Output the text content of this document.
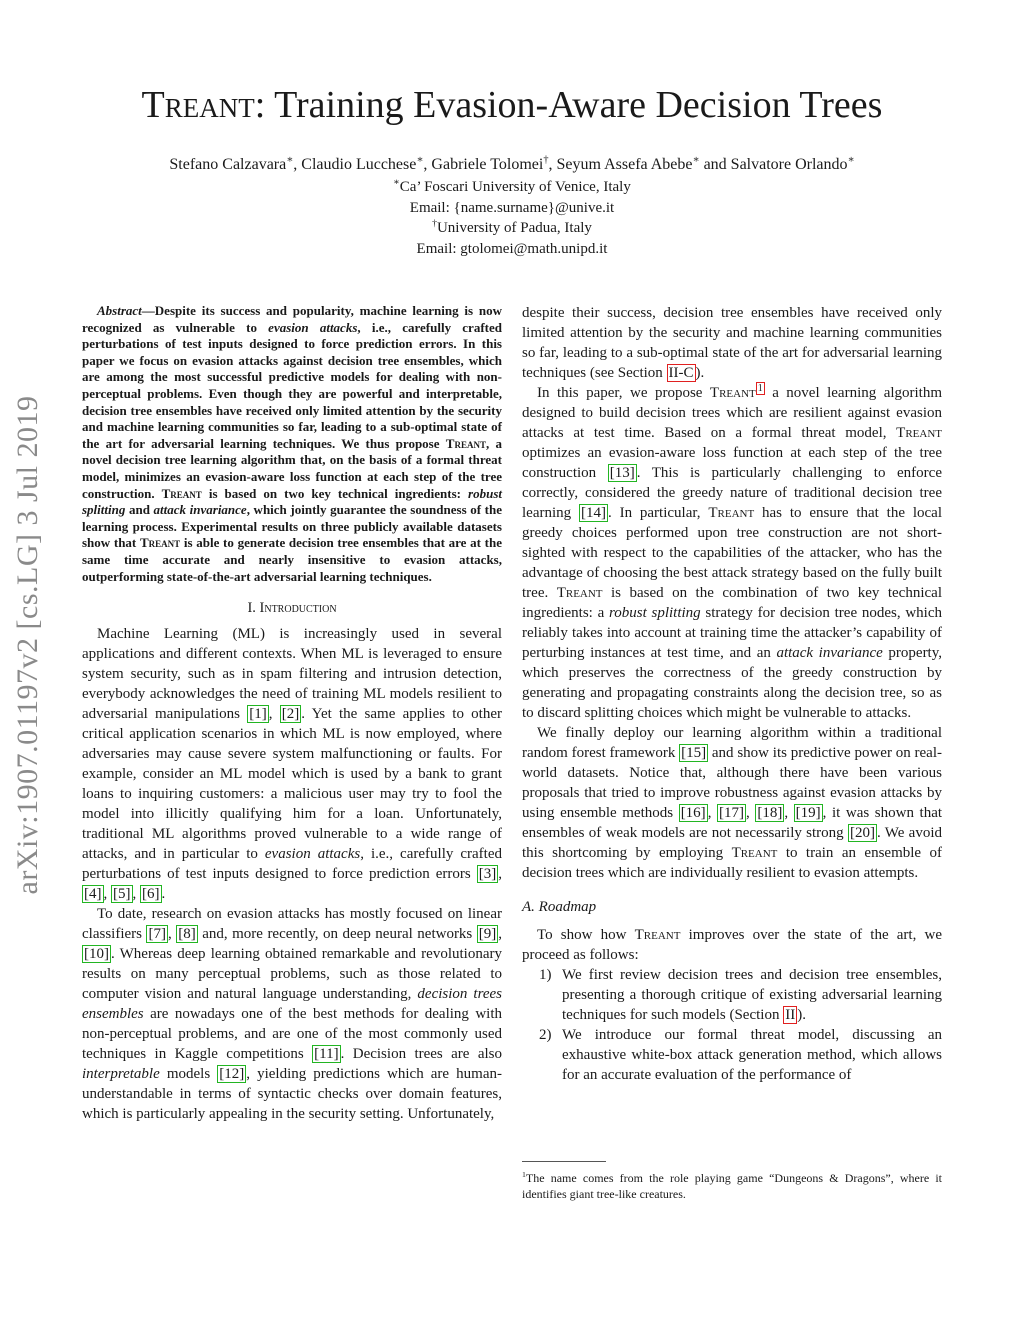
arXiv:1907.01197v2 [cs.LG] 3 Jul 2019
Treant: Training Evasion-Aware Decision Trees
Stefano Calzavara∗, Claudio Lucchese∗, Gabriele Tolomei†, Seyum Assefa Abebe∗ and Salvatore Orlando∗
∗Ca’ Foscari University of Venice, Italy
Email: {name.surname}@unive.it
†University of Padua, Italy
Email: gtolomei@math.unipd.it

Abstract—Despite its success and popularity, machine learning is now recognized as vulnerable to evasion attacks, i.e., carefully crafted perturbations of test inputs designed to force prediction errors. In this paper we focus on evasion attacks against decision tree ensembles, which are among the most successful predictive models for dealing with non-perceptual problems. Even though they are powerful and interpretable, decision tree ensembles have received only limited attention by the security and machine learning communities so far, leading to a sub-optimal state of the art for adversarial learning techniques. We thus propose Treant, a novel decision tree learning algorithm that, on the basis of a formal threat model, minimizes an evasion-aware loss function at each step of the tree construction. Treant is based on two key technical ingredients: robust splitting and attack invariance, which jointly guarantee the soundness of the learning process. Experimental results on three publicly available datasets show that Treant is able to generate decision tree ensembles that are at the same time accurate and nearly insensitive to evasion attacks, outperforming state-of-the-art adversarial learning techniques.

I. Introduction

Machine Learning (ML) is increasingly used in several applications and different contexts. When ML is leveraged to ensure system security, such as in spam filtering and intrusion detection, everybody acknowledges the need of training ML models resilient to adversarial manipulations [1] , [2] . Yet the same applies to other critical application scenarios in which ML is now employed, where adversaries may cause severe system malfunctioning or faults. For example, consider an ML model which is used by a bank to grant loans to inquiring customers: a malicious user may try to fool the model into illicitly qualifying him for a loan. Unfortunately, traditional ML algorithms proved vulnerable to a wide range of attacks, and in particular to evasion attacks, i.e., carefully crafted perturbations of test inputs designed to force prediction errors [3] , [4] , [5] , [6] .

To date, research on evasion attacks has mostly focused on linear classifiers [7] , [8] and, more recently, on deep neural networks [9] , [10] . Whereas deep learning obtained remarkable and revolutionary results on many perceptual problems, such as those related to computer vision and natural language understanding, decision trees ensembles are nowadays one of the best methods for dealing with non-perceptual problems, and are one of the most commonly used techniques in Kaggle competitions [11] . Decision trees are also interpretable models [12] , yielding predictions which are human-understandable in terms of syntactic checks over domain features, which is particularly appealing in the security setting. Unfortunately,

despite their success, decision tree ensembles have received only limited attention by the security and machine learning communities so far, leading to a sub-optimal state of the art for adversarial learning techniques (see Section II-C ).

In this paper, we propose Treant $^1$ a novel learning algorithm designed to build decision trees which are resilient against evasion attacks at test time. Based on a formal threat model, Treant optimizes an evasion-aware loss function at each step of the tree construction [13] . This is particularly challenging to enforce correctly, considered the greedy nature of traditional decision tree learning [14] . In particular, Treant has to ensure that the local greedy choices performed upon tree construction are not short-sighted with respect to the capabilities of the attacker, who has the advantage of choosing the best attack strategy based on the fully built tree. Treant is based on the combination of two key technical ingredients: a robust splitting strategy for decision tree nodes, which reliably takes into account at training time the attacker’s capability of perturbing instances at test time, and an attack invariance property, which preserves the correctness of the greedy construction by generating and propagating constraints along the decision tree, so as to discard splitting choices which might be vulnerable to attacks.

We finally deploy our learning algorithm within a traditional random forest framework [15] and show its predictive power on real-world datasets. Notice that, although there have been various proposals that tried to improve robustness against evasion attacks by using ensemble methods [16] , [17] , [18] , [19] , it was shown that ensembles of weak models are not necessarily strong [20] . We avoid this shortcoming by employing Treant to train an ensemble of decision trees which are individually resilient to evasion attempts.

A. Roadmap

To show how Treant improves over the state of the art, we proceed as follows:

1) We first review decision trees and decision tree ensembles, presenting a thorough critique of existing adversarial learning techniques for such models (Section II ).
2) We introduce our formal threat model, discussing an exhaustive white-box attack generation method, which allows for an accurate evaluation of the performance of
$^1$The name comes from the role playing game “Dungeons & Dragons”, where it identifies giant tree-like creatures.
